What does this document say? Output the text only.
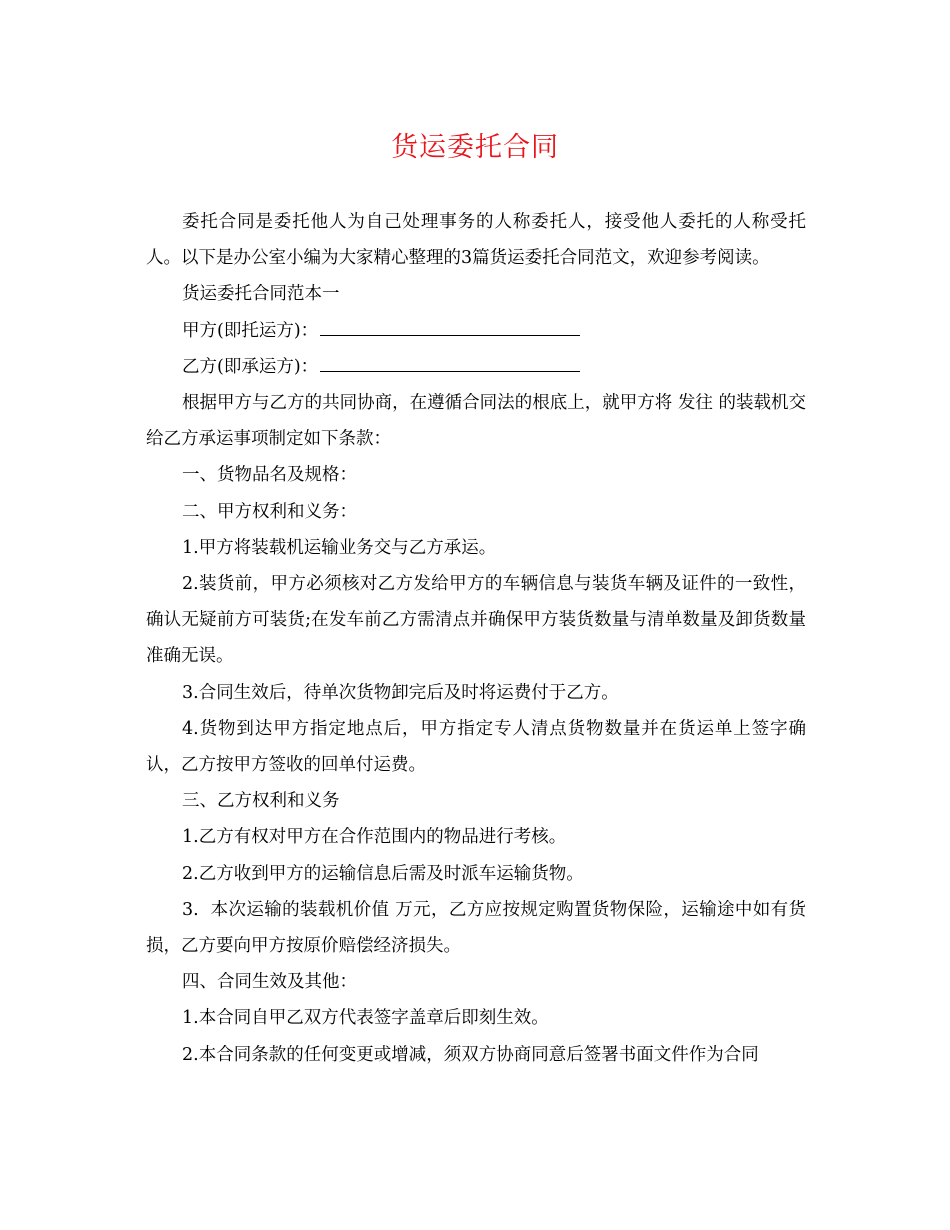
货运委托合同

委托合同是委托他人为自己处理事务的人称委托人，接受他人委托的人称受托人。以下是办公室小编为大家精心整理的3篇货运委托合同范文，欢迎参考阅读。

货运委托合同范本一

甲方(即托运方)：

乙方(即承运方)：

根据甲方与乙方的共同协商，在遵循合同法的根底上，就甲方将 发往 的装载机交给乙方承运事项制定如下条款：

一、货物品名及规格：

二、甲方权利和义务：

1.甲方将装载机运输业务交与乙方承运。

2.装货前，甲方必须核对乙方发给甲方的车辆信息与装货车辆及证件的一致性，确认无疑前方可装货;在发车前乙方需清点并确保甲方装货数量与清单数量及卸货数量准确无误。

3.合同生效后，待单次货物卸完后及时将运费付于乙方。

4.货物到达甲方指定地点后，甲方指定专人清点货物数量并在货运单上签字确认，乙方按甲方签收的回单付运费。

三、乙方权利和义务

1.乙方有权对甲方在合作范围内的物品进行考核。

2.乙方收到甲方的运输信息后需及时派车运输货物。

3.  本次运输的装载机价值 万元，乙方应按规定购置货物保险，运输途中如有货损，乙方要向甲方按原价赔偿经济损失。

四、合同生效及其他：

1.本合同自甲乙双方代表签字盖章后即刻生效。

2.本合同条款的任何变更或增减，须双方协商同意后签署书面文件作为合同
